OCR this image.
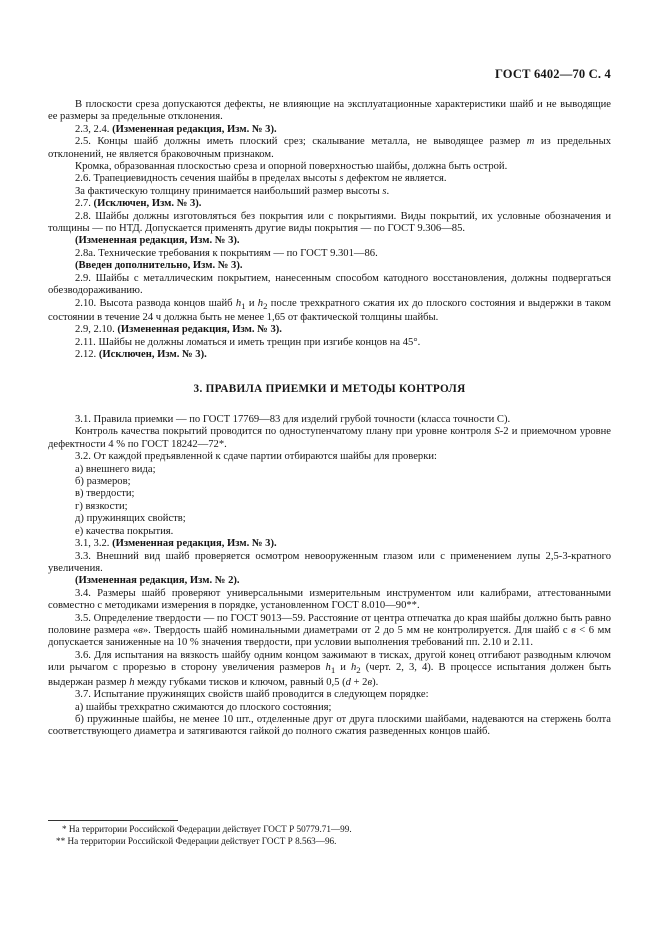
ГОСТ 6402—70 С. 4

В плоскости среза допускаются дефекты, не влияющие на эксплуатационные характеристики шайб и не выводящие ее размеры за предельные отклонения.

2.3, 2.4. (Измененная редакция, Изм. № 3).

2.5. Концы шайб должны иметь плоский срез; скалывание металла, не выводящее размер m из предельных отклонений, не является браковочным признаком.

Кромка, образованная плоскостью среза и опорной поверхностью шайбы, должна быть острой.

2.6. Трапециевидность сечения шайбы в пределах высоты s дефектом не является.

За фактическую толщину принимается наибольший размер высоты s.

2.7. (Исключен, Изм. № 3).

2.8. Шайбы должны изготовляться без покрытия или с покрытиями. Виды покрытий, их условные обозначения и толщины — по НТД. Допускается применять другие виды покрытия — по ГОСТ 9.306—85.

(Измененная редакция, Изм. № 3).

2.8а. Технические требования к покрытиям — по ГОСТ 9.301—86.

(Введен дополнительно, Изм. № 3).

2.9. Шайбы с металлическим покрытием, нанесенным способом катодного восстановления, должны подвергаться обезводораживанию.

2.10. Высота развода концов шайб $h_1$ и $h_2$ после трехкратного сжатия их до плоского состояния и выдержки в таком состоянии в течение 24 ч должна быть не менее 1,65 от фактической толщины шайбы.

2.9, 2.10. (Измененная редакция, Изм. № 3).

2.11. Шайбы не должны ломаться и иметь трещин при изгибе концов на 45°.

2.12. (Исключен, Изм. № 3).

3. ПРАВИЛА ПРИЕМКИ И МЕТОДЫ КОНТРОЛЯ

3.1. Правила приемки — по ГОСТ 17769—83 для изделий грубой точности (класса точности С).

Контроль качества покрытий проводится по одноступенчатому плану при уровне контроля S-2 и приемочном уровне дефектности 4 % по ГОСТ 18242—72*.

3.2. От каждой предъявленной к сдаче партии отбираются шайбы для проверки:

а) внешнего вида;

б) размеров;

в) твердости;

г) вязкости;

д) пружинящих свойств;

е) качества покрытия.

3.1, 3.2. (Измененная редакция, Изм. № 3).

3.3. Внешний вид шайб проверяется осмотром невооруженным глазом или с применением лупы 2,5-3-кратного увеличения.

(Измененная редакция, Изм. № 2).

3.4. Размеры шайб проверяют универсальными измерительным инструментом или калибрами, аттестованными совместно с методиками измерения в порядке, установленном ГОСТ 8.010—90**.

3.5. Определение твердости — по ГОСТ 9013—59. Расстояние от центра отпечатка до края шайбы должно быть равно половине размера «в». Твердость шайб номинальными диаметрами от 2 до 5 мм не контролируется. Для шайб с в < 6 мм допускается заниженные на 10 % значения твердости, при условии выполнения требований пп. 2.10 и 2.11.

3.6. Для испытания на вязкость шайбу одним концом зажимают в тисках, другой конец отгибают разводным ключом или рычагом с прорезью в сторону увеличения размеров $h_1$ и $h_2$ (черт. 2, 3, 4). В процессе испытания должен быть выдержан размер h между губками тисков и ключом, равный 0,5 (d + 2в).

3.7. Испытание пружинящих свойств шайб проводится в следующем порядке:

а) шайбы трехкратно сжимаются до плоского состояния;

б) пружинные шайбы, не менее 10 шт., отделенные друг от друга плоскими шайбами, надеваются на стержень болта соответствующего диаметра и затягиваются гайкой до полного сжатия разведенных концов шайб.

* На территории Российской Федерации действует ГОСТ Р 50779.71—99.

** На территории Российской Федерации действует ГОСТ Р 8.563—96.
